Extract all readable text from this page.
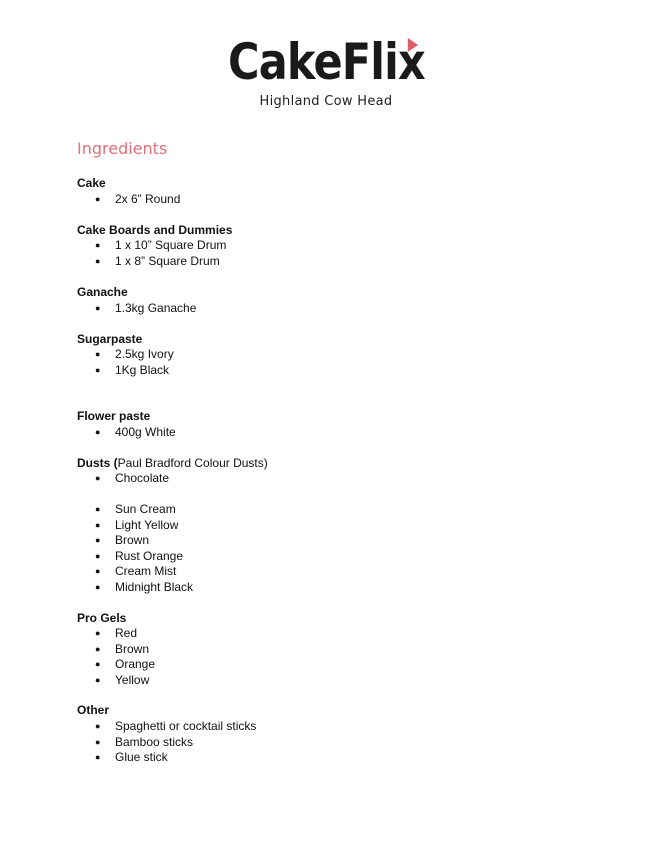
CakeFlix
Highland Cow Head
Ingredients
Cake
● 2x 6” Round
Cake Boards and Dummies
● 1 x 10” Square Drum
● 1 x 8” Square Drum
Ganache
● 1.3kg Ganache
Sugarpaste
● 2.5kg Ivory
● 1Kg Black
Flower paste
● 400g White
Dusts (Paul Bradford Colour Dusts)
● Chocolate
● Sun Cream
● Light Yellow
● Brown
● Rust Orange
● Cream Mist
● Midnight Black
Pro Gels
● Red
● Brown
● Orange
● Yellow
Other
● Spaghetti or cocktail sticks
● Bamboo sticks
● Glue stick
